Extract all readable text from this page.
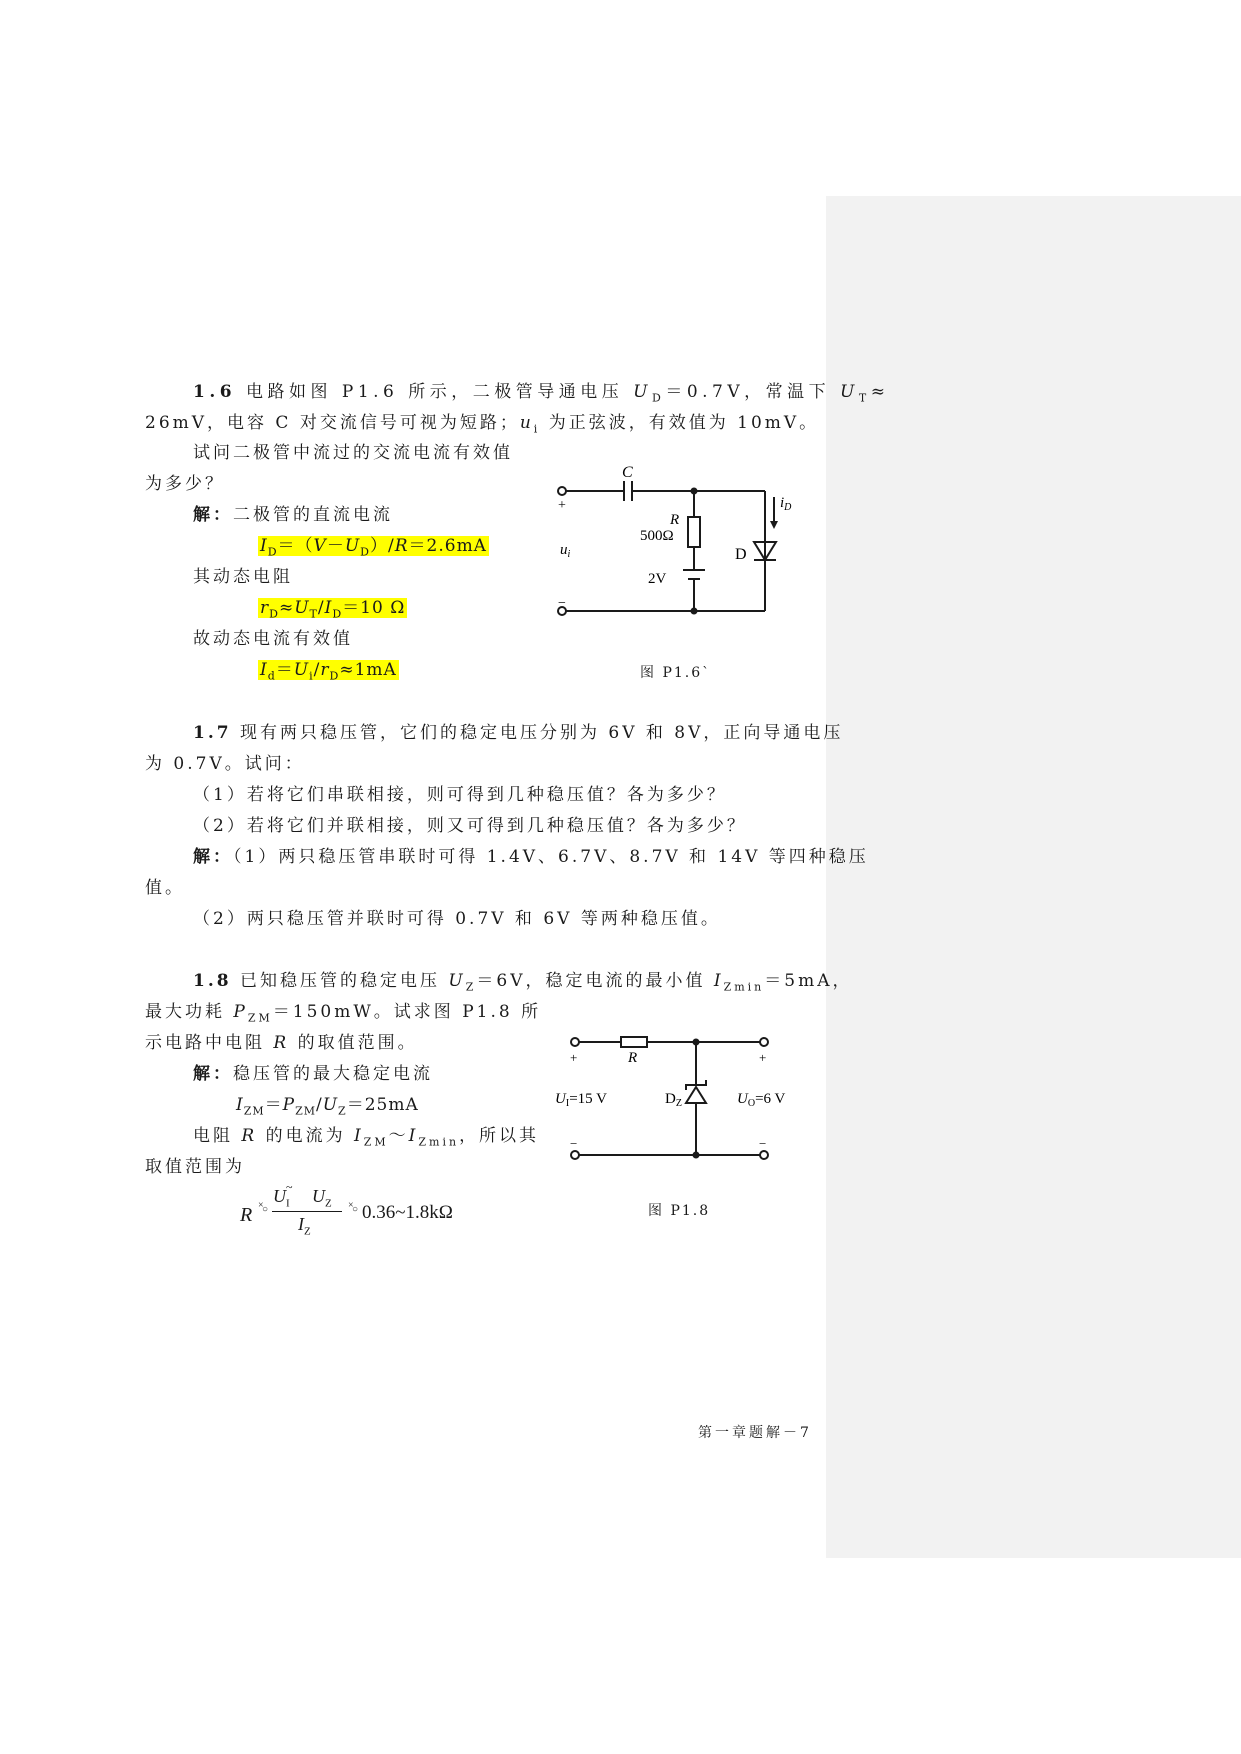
1.6 电路如图 P1.6 所示，二极管导通电压 $U_D=0.7V$，常温下 $U_T\approx$
26mV，电容 C 对交流信号可视为短路；$u_i$ 为正弦波，有效值为 10mV。
试问二极管中流过的交流电流有效值
为多少？
解：二极管的直流电流
$I_D=(V-U_D)/R=2.6mA$
其动态电阻
$r_D\approx U_T/I_D=10$ Ω
故动态电流有效值
$I_d=U_i/r_D\approx 1mA$
C
+
−
R
500Ω
2V
$u_i$	D
$i_D$
图 P1.6`
1.7 现有两只稳压管，它们的稳定电压分别为 6V 和 8V，正向导通电压
为 0.7V。试问：
（1）若将它们串联相接，则可得到几种稳压值？各为多少？
（2）若将它们并联相接，则又可得到几种稳压值？各为多少？
解：（1）两只稳压管串联时可得 1.4V、6.7V、8.7V 和 14V 等四种稳压
值。
（2）两只稳压管并联时可得 0.7V 和 6V 等两种稳压值。
1.8 已知稳压管的稳定电压 $U_Z=6V$，稳定电流的最小值 $I_{Zmin}=5mA$，
最大功耗 $P_{ZM}=150mW$。试求图 P1.8 所
示电路中电阻 R 的取值范围。
解：稳压管的最大稳定电流
$I_{ZM}=P_{ZM}/U_Z=25mA$
电阻 R 的电流为 $I_{ZM}\sim I_{Zmin}$，所以其
取值范围为
R ×
○
$U_I$
~ $U_Z$
$I_Z$
×
○ 0.36~1.8kΩ
R
+	+
−	−
$U_I=15$ V	$D_Z$	$U_O=6$ V
图 P1.8
第一章题解－7
